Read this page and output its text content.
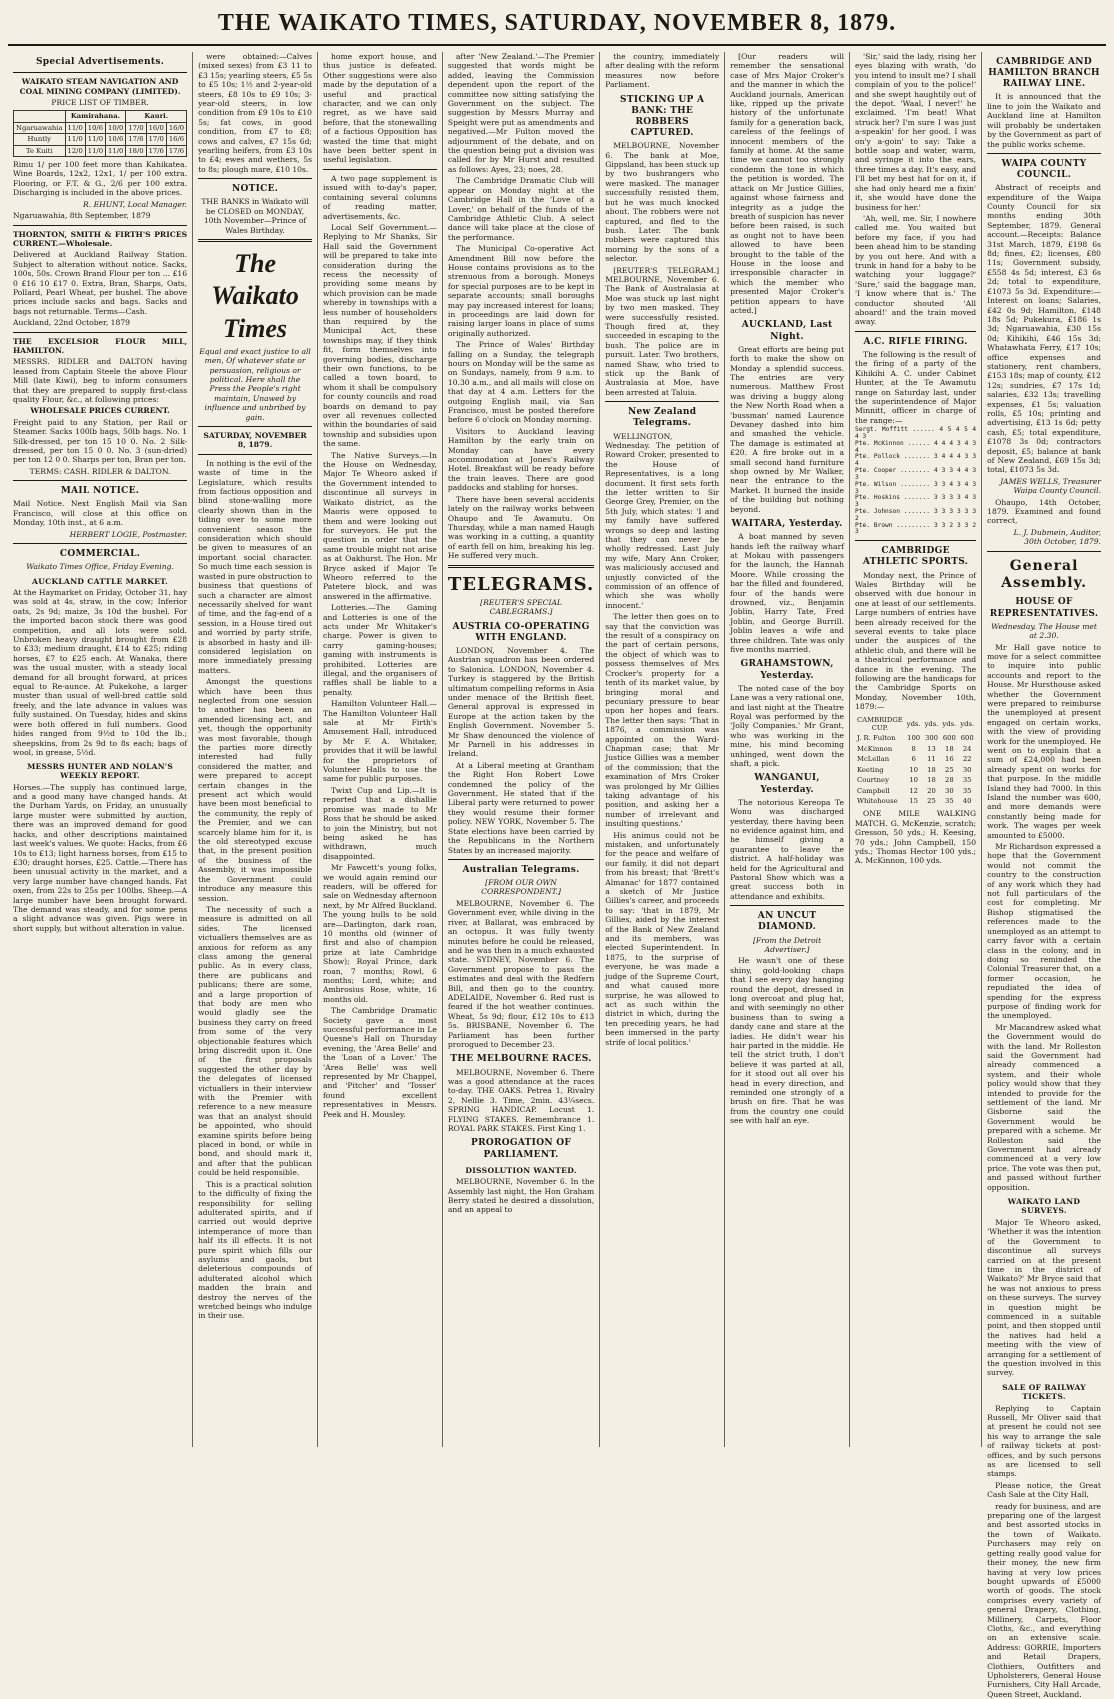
THE WAIKATO TIMES, SATURDAY, NOVEMBER 8, 1879.
Special Advertisements.

WAIKATO STEAM NAVIGATION AND COAL MINING COMPANY (LIMITED).

PRICE LIST OF TIMBER.

	Kamirahana.			Kauri.		
Ngaruawahia	11/0	10/6	10/0	17/0	16/0	16/0
Huntly	11/0	11/0	10/6	17/6	17/0	16/6
Te Kuiti	12/0	11/0	11/0	18/0	17/6	17/6

Rimu 1/ per 100 feet more than Kahikatea. Wine Boards, 12x2, 12x1, 1/ per 100 extra. Flooring, or F.T. & G., 2/6 per 100 extra. Discharging is included in the above prices.

R. EHUNT, Local Manager.

Ngaruawahia, 8th September, 1879

THORNTON, SMITH & FIRTH'S PRICES CURRENT.—Wholesale.

Delivered at Auckland Railway Station. Subject to alteration without notice. Sacks, 100s, 50s. Crown Brand Flour per ton ... £16 0 £16 10 £17 0. Extra, Bran, Sharps, Oats, Pollard, Pearl Wheat, per bushel. The above prices include sacks and bags. Sacks and bags not returnable. Terms—Cash.

Auckland, 22nd October, 1879

THE EXCELSIOR FLOUR MILL, HAMILTON.

MESSRS. RIDLER and DALTON having leased from Captain Steele the above Flour Mill (late Kiwi), beg to inform consumers that they are prepared to supply first-class quality Flour, &c., at following prices:

WHOLESALE PRICES CURRENT.

Freight paid to any Station, per Rail or Steamer. Sacks 100lb bags, 50lb bags. No. 1 Silk-dressed, per ton 15 10 0. No. 2 Silk-dressed, per ton 15 0 0. No. 3 (sun-dried) per ton 12 0 0. Sharps per ton, Bran per ton.

TERMS: CASH. RIDLER & DALTON.

MAIL NOTICE.

Mail Notice. Next English Mail via San Francisco, will close at this office on Monday, 10th inst., at 6 a.m.

HERBERT LOGIE, Postmaster.

COMMERCIAL.
Waikato Times Office, Friday Evening.
AUCKLAND CATTLE MARKET.

At the Haymarket on Friday, October 31, hay was sold at 4s, straw, in the cow; Inferior oats, 2s 9d; maize, 3s 10d the bushel. For the imported bacon stock there was good competition, and all lots were sold. Unbroken heavy draught brought from £28 to £33; medium draught, £14 to £25; riding horses, £7 to £25 each. At Wanaka, there was the usual muster, with a steady local demand for all brought forward, at prices equal to Re-aunce. At Pukekohe, a larger muster than usual of well-bred cattle sold freely, and the late advance in values was fully sustained. On Tuesday, hides and skins were both offered in full numbers. Good hides ranged from 9½d to 10d the lb.; sheepskins, from 2s 9d to 8s each; bags of wool, in grease, 5½d.

MESSRS HUNTER AND NOLAN'S WEEKLY REPORT.

Horses.—The supply has continued large, and a good many have changed hands. At the Durham Yards, on Friday, an unusually large muster were submitted by auction, there was an improved demand for good hacks, and other descriptions maintained last week's values. We quote: Hacks, from £6 10s to £13; light harness horses, from £15 to £30; draught horses, £25. Cattle.—There has been unusual activity in the market, and a very large number have changed hands. Fat oxen, from 22s to 25s per 100lbs. Sheep.—A large number have been brought forward. The demand was steady, and for some pens a slight advance was given. Pigs were in short supply, but without alteration in value.

were obtained:—Calves (mixed sexes) from £3 11 to £3 15s; yearling steers, £5 5s to £5 10s; 1½ and 2-year-old steers, £8 10s to £9 10s; 3-year-old steers, in low condition from £9 10s to £10 5s; fat cows, in good condition, from £7 to £8; cows and calves, £7 15s 6d; yearling heifers, from £3 10s to £4; ewes and wethers, 5s to 8s; plough mare, £10 10s.

NOTICE.

THE BANKS in Waikato will be CLOSED on MONDAY, 10th November—Prince of Wales Birthday.

The Waikato Times

Equal and exact justice to all men, Of whatever state or persuasion, religious or political. Here shall the Press the People's right maintain, Unawed by influence and unbribed by gain.

SATURDAY, NOVEMBER 8, 1879.

In nothing is the evil of the waste of time in the Legislature, which results from factious opposition and blind stone-walling more clearly shown than in the tiding over to some more convenient season the consideration which should be given to measures of an important social character. So much time each session is wasted in pure obstruction to business that questions of such a character are almost necessarily shelved for want of time, and the fag-end of a session, in a House tired out and worried by party strife, is absorbed in hasty and ill-considered legislation on more immediately pressing matters.

Amongst the questions which have been thus neglected from one session to another has been an amended licensing act, and yet, though the opportunity was most favorable, though the parties more directly interested had fully considered the matter, and were prepared to accept certain changes in the present act which would have been most beneficial to the community, the reply of the Premier, and we can scarcely blame him for it, is the old stereotyped excuse that, in the present position of the business of the Assembly, it was impossible the Government could introduce any measure this session.

The necessity of such a measure is admitted on all sides. The licensed victuallers themselves are as anxious for reform as any class among the general public. As in every class, there are publicans and publicans; there are some, and a large proportion of that body are men who would gladly see the business they carry on freed from some of the very objectionable features which bring discredit upon it. One of the first proposals suggested the other day by the delegates of licensed victuallers in their interview with the Premier with reference to a new measure was that an analyst should be appointed, who should examine spirits before being placed in bond, or while in bond, and should mark it, and after that the publican could be held responsible.

This is a practical solution to the difficulty of fixing the responsibility for selling adulterated spirits, and if carried out would deprive intemperance of more than half its ill effects. It is not pure spirit which fills our asylums and gaols, but deleterious compounds of adulterated alcohol which madden the brain and destroy the nerves of the wretched beings who indulge in their use.

home export house, and thus justice is defeated. Other suggestions were also made by the deputation of a useful and practical character, and we can only regret, as we have said before, that the stonewalling of a factious Opposition has wasted the time that might have been better spent in useful legislation.

A two page supplement is issued with to-day's paper, containing several columns of reading matter, advertisements, &c.

Local Self Government.—Replying to Mr Shanks, Sir Hall said the Government will be prepared to take into consideration during the recess the necessity of providing some means by which provision can be made whereby in townships with a less number of householders than required by the Municipal Act, these townships may, if they think fit, form themselves into governing bodies, discharge their own functions, to be called a town board, to whom it shall be compulsory for county councils and road boards on demand to pay over all revenues collected within the boundaries of said township and subsidies upon the same.

The Native Surveys.—In the House on Wednesday, Major Te Wheoro asked if the Government intended to discontinue all surveys in Waikato district, as the Maoris were opposed to them and were looking out for surveyors. He put the question in order that the same trouble might not arise as at Oakhurst. The Hon. Mr Bryce asked if Major Te Wheoro referred to the Patetere block, and was answered in the affirmative.

Lotteries.—The Gaming and Lotteries is one of the acts under Mr Whitaker's charge. Power is given to carry gaming-houses; gaming with instruments is prohibited. Lotteries are illegal, and the organisers of raffles shall be liable to a penalty.

Hamilton Volunteer Hall.—The Hamilton Volunteer Hall sale at Mr Firth's Amusement Hall, introduced by Mr F. A. Whitaker, provides that it will be lawful for the proprietors of Volunteer Halls to use the same for public purposes.

Twixt Cup and Lip.—It is reported that a dishallie promise was made to Mr Ross that he should be asked to join the Ministry, but not being asked he has withdrawn, much disappointed.

Mr Fawcett's young folks, we would again remind our readers, will be offered for sale on Wednesday afternoon next, by Mr Alfred Buckland. The young bulls to be sold are—Darlington, dark roan, 10 months old (winner of first and also of champion prize at late Cambridge Show); Royal Prince, dark roan, 7 months; Rowl, 6 months; Lord, white; and Ambrosius Rose, white, 16 months old.

The Cambridge Dramatic Society gave a most successful performance in Le Quesne's Hall on Thursday evening, the 'Area Belle' and the 'Loan of a Lover.' The 'Area Belle' was well represented by Mr Chappel, and 'Pitcher' and 'Tosser' found excellent representatives in Messrs. Peek and H. Mousley.

after 'New Zealand.'—The Premier suggested that words might be added, leaving the Commission dependent upon the report of the committee now sitting satisfying the Government on the subject. The suggestion by Messrs Murray and Speight were put as amendments and negatived.—Mr Fulton moved the adjournment of the debate, and on the question being put a division was called for by Mr Hurst and resulted as follows: Ayes, 23; noes, 28.

The Cambridge Dramatic Club will appear on Monday night at the Cambridge Hall in the 'Love of a Lover,' on behalf of the funds of the Cambridge Athletic Club. A select dance will take place at the close of the performance.

The Municipal Co-operative Act Amendment Bill now before the House contains provisions as to the strenuous from a borough. Moneys for special purposes are to be kept in separate accounts; small boroughs may pay increased interest for loans; in proceedings are laid down for raising larger loans in place of sums originally authorized.

The Prince of Wales' Birthday falling on a Sunday, the telegraph hours on Monday will be the same as on Sundays, namely, from 9 a.m. to 10.30 a.m., and all mails will close on that day at 4 a.m. Letters for the outgoing English mail, via San Francisco, must be posted therefore before 6 o'clock on Monday morning.

Visitors to Auckland leaving Hamilton by the early train on Monday can have every accommodation at Jones's Railway Hotel. Breakfast will be ready before the train leaves. There are good paddocks and stabling for horses.

There have been several accidents lately on the railway works between Ohaupo and Te Awamutu. On Thursday, while a man named Haugh was working in a cutting, a quantity of earth fell on him, breaking his leg. He suffered very much.

TELEGRAMS.
[REUTER'S SPECIAL CABLEGRAMS.]
AUSTRIA CO-OPERATING WITH ENGLAND.

LONDON, November 4. The Austrian squadron has been ordered to Salonica. LONDON, November 4. Turkey is staggered by the British ultimatum compelling reforms in Asia under menace of the British fleet. General approval is expressed in Europe at the action taken by the English Government. November 5. Mr Shaw denounced the violence of Mr Parnell in his addresses in Ireland.

At a Liberal meeting at Grantham the Right Hon Robert Lowe condemned the policy of the Government. He stated that if the Liberal party were returned to power they would resume their former policy. NEW YORK, November 5. The State elections have been carried by the Republicans in the Northern States by an increased majority.

Australian Telegrams.
[FROM OUR OWN CORRESPONDENT.]

MELBOURNE, November 6. The Government ever, while diving in the river, at Ballarat, was embraced by an octopus. It was fully twenty minutes before he could be released, and he was then in a much exhausted state. SYDNEY, November 6. The Government propose to pass the estimates and deal with the Redfern Bill, and then go to the country. ADELAIDE, November 6. Red rust is feared if the hot weather continues. Wheat, 5s 9d; flour, £12 10s to £13 5s. BRISBANE, November 6. The Parliament has been further prorogued to December 23.

THE MELBOURNE RACES.

MELBOURNE, November 6. There was a good attendance at the races to-day. THE OAKS. Petrea 1, Rivalry 2, Nellie 3. Time, 2min. 43¼secs. SPRING HANDICAP. Locust 1. FLYING STAKES. Remembrance 1. ROYAL PARK STAKES. First King 1.

PROROGATION OF PARLIAMENT.
DISSOLUTION WANTED.

MELBOURNE, November 6. In the Assembly last night, the Hon Graham Berry stated he desired a dissolution, and an appeal to

the country, immediately after dealing with the reform measures now before Parliament.

STICKING UP A BANK: THE ROBBERS CAPTURED.

MELBOURNE, November 6. The bank at Moe, Gippsland, has been stuck up by two bushrangers who were masked. The manager successfully resisted them, but he was much knocked about. The robbers were not captured, and fled to the bush. Later. The bank robbers were captured this morning by the sons of a selector.

[REUTER'S TELEGRAM.] MELBOURNE, November 6. The Bank of Australasia at Moe was stuck up last night by two men masked. They were successfully resisted. Though fired at, they succeeded in escaping to the bush. The police are in pursuit. Later. Two brothers, named Shaw, who tried to stick up the Bank of Australasia at Moe, have been arrested at Taluia.

New Zealand Telegrams.

WELLINGTON, Wednesday. The petition of Roward Croker, presented to the House of Representatives, is a long document. It first sets forth the letter written to Sir George Grey, Premier, on the 5th July, which states: 'I and my family have suffered wrongs so deep and lasting that they can never be wholly redressed. Last July my wife, Mary Ann Croker, was maliciously accused and unjustly convicted of the commission of an offence of which she was wholly innocent.'

The letter then goes on to say that the conviction was the result of a conspiracy on the part of certain persons, the object of which was to possess themselves of Mrs Crocker's property for a tenth of its market value, by bringing moral and pecuniary pressure to bear upon her hopes and fears. The letter then says: 'That in 1876, a commission was appointed on the Ward-Chapman case; that Mr Justice Gillies was a member of the commission; that the examination of Mrs Croker was prolonged by Mr Gillies taking advantage of his position, and asking her a number of irrelevant and insulting questions.'

His animus could not be mistaken, and unfortunately for the peace and welfare of our family, it did not depart from his breast; that 'Brett's Almanac' for 1877 contained a sketch of Mr Justice Gillies's career, and proceeds to say: 'that in 1879, Mr Gillies, aided by the interest of the Bank of New Zealand and its members, was elected Superintendent. In 1875, to the surprise of everyone, he was made a judge of the Supreme Court, and what caused more surprise, he was allowed to act as such within the district in which, during the ten preceding years, he had been immersed in the party strife of local politics.'

[Our readers will remember the sensational case of Mrs Major Croker's and the manner in which the Auckland journals, American like, ripped up the private history of the unfortunate family for a generation back, careless of the feelings of innocent members of the family at home. At the same time we cannot too strongly condemn the tone in which the petition is worded. The attack on Mr Justice Gillies, against whose fairness and integrity as a judge the breath of suspicion has never before been raised, is such as ought not to have been allowed to have been brought to the table of the House in the loose and irresponsible character in which the member who presented Major Croker's petition appears to have acted.]

AUCKLAND, Last Night.

Great efforts are being put forth to make the show on Monday a splendid success. The entries are very numerous. Matthew Frost was driving a buggy along the New North Road when a 'bussman' named Laurence Devaney dashed into him and smashed the vehicle. The damage is estimated at £20. A fire broke out in a small second hand furniture shop owned by Mr Walker, near the entrance to the Market. It burned the inside of the building but nothing beyond.

WAITARA, Yesterday.

A boat manned by seven hands left the railway wharf at Mokau with passengers for the launch, the Hannah Moore. While crossing the bar the filled and foundered, four of the hands were drowned, viz., Benjamin Joblin, Harry Tate, Fred Joblin, and George Burrill. Joblin leaves a wife and three children. Tate was only five months married.

GRAHAMSTOWN, Yesterday.

The noted case of the boy Lane was a very rational one, and last night at the Theatre Royal was performed by the 'Jolly Companies.' Mr Grant, who was working in the mine, his mind becoming unhinged, went down the shaft, a pick.

WANGANUI, Yesterday.

The notorious Kereopa Te Wonu was discharged yesterday, there having been no evidence against him, and he himself giving a guarantee to leave the district. A half-holiday was held for the Agricultural and Pastoral Show which was a great success both in attendance and exhibits.

AN UNCUT DIAMOND.
[From the Detroit Advertiser.]

He wasn't one of these shiny, gold-looking chaps that I see every day hanging round the depot, dressed in long overcoat and plug hat, and with seemingly no other business than to swing a dandy cane and stare at the ladies. He didn't wear his hair parted in the middle. He tell the strict truth, I don't believe it was parted at all, for it stood out all over his head in every direction, and reminded one strongly of a brush on fire. That he was from the country one could see with half an eye.

'Sir,' said the lady, rising her eyes blazing with wrath, 'do you intend to insult me? I shall complain of you to the police!' and she swept haughtily out of the depot. 'Waal, I never!' he exclaimed. 'I'm beat! What struck her? I'm sure I was just a-speakin' for her good. I was on'y a-goin' to say: Take a bottle soap and water, warm, and syringe it into the ears, three times a day. It's easy, and I'll bet my best hat for on it, if she had only heard me a fixin' it, she would have done the business for her.'

'Ah, well, me. Sir, I nowhere called me. You waited but before my face, if you had been ahead him to be standing by you out here. And with a trunk in hand for a baby to be watching your luggage?' 'Sure,' said the baggage man, 'I know where that is.' The conductor shouted 'All aboard!' and the train moved away.

A.C. RIFLE FIRING.

The following is the result of the firing of a party of the Kihikihi A. C. under Cabinet Hunter, at the Te Awamutu range on Saturday last, under the superintendence of Major Minnitt, officer in charge of the range:—

Sergt. Moffitt ...... 4 5 4 5 4 4 3
Pte. McKinnon ...... 4 4 4 3 4 3 4
Pte. Pollock ....... 3 4 4 4 3 3 4
Pte. Cooper ........ 4 3 3 4 4 3 3
Pte. Wilson ........ 3 3 4 3 4 3 3
Pte. Hoskins ....... 3 3 3 3 4 3 3
Pte. Johnson ....... 3 3 3 3 3 3 2
Pte. Brown ......... 3 3 2 3 3 2 3
CAMBRIDGE ATHLETIC SPORTS.

Monday next, the Prince of Wales Birthday will be observed with due honour in one at least of our settlements. Large numbers of entries have been already received for the several events to take place under the auspices of the athletic club, and there will be a theatrical performance and dance in the evening. The following are the handicaps for the Cambridge Sports on Monday, November 10th, 1879:—

CAMBRIDGE CUP.	yds.	yds.	yds.	yds.
J. R. Fulton	100	300	600	600
McKinnon	8	13	18	24
McLellan	6	11	16	22
Keeting	10	18	25	30
Courtney	10	18	28	35
Campbell	12	20	30	35
Whitehouse	15	25	35	40

ONE MILE WALKING MATCH. G. McKenzie, scratch; Gresson, 50 yds.; H. Keesing, 70 yds.; John Campbell, 150 yds.; Thomas Hector 100 yds.; A. McKinnon, 100 yds.

CAMBRIDGE AND HAMILTON BRANCH RAILWAY LINE.

It is announced that the line to join the Waikato and Auckland line at Hamilton will probably be undertaken by the Government as part of the public works scheme.

WAIPA COUNTY COUNCIL.

Abstract of receipts and expenditure of the Waipa County Council for six months ending 30th September, 1879. General account.—Receipts: Balance 31st March, 1879, £198 6s 8d; fines, £2; licenses, £80 11s; Government subsidy, £558 4s 5d; interest, £3 6s 2d; total to expenditure, £1073 5s 3d. Expenditure:—Interest on loans; Salaries, £42 0s 9d; Hamilton, £148 18s 5d; Pukekura, £186 1s 3d; Ngaruawahia, £30 15s 0d; Kihikihi, £46 15s 3d; Whatawhata Ferry, £17 10s; office expenses and stationery, rent chambers, £153 18s; map of county, £12 12s; sundries, £7 17s 1d; salaries, £32 13s; travelling expenses, £1 5s; valuation rolls, £5 10s; printing and advertising, £13 1s 6d; petty cash, £5; total expenditure, £1078 3s 0d; contractors deposit, £5; balance at bank of New Zealand, £69 15s 3d; total, £1073 5s 3d.

JAMES WELLS, Treasurer Waipa County Council.

Ohaupo, 14th October, 1879. Examined and found correct,

L. J. Dubmein, Auditor, 30th October, 1879.

General Assembly.
HOUSE OF REPRESENTATIVES.
Wednesday. The House met at 2.30.

Mr Hall gave notice to move for a select committee to inquire into public accounts and report to the House. Mr Hursthouse asked whether the Government were prepared to reimburse the unemployed at present engaged on certain works, with the view of providing work for the unemployed. He went on to explain that a sum of £24,000 had been already spent on works for that purpose. In the middle Island they had 7000. In this Island the number was 600, and more demands were constantly being made for work. The wages per week amounted to £5000.

Mr Richardson expressed a hope that the Government would not commit the country to the construction of any work which they had not full particulars of the cost for completing. Mr Bishop stigmatised the references made to the unemployed as an attempt to carry favor with a certain class in the colony, and in doing so reminded the Colonial Treasurer that, on a former occasion, he repudiated the idea of spending for the express purpose of finding work for the unemployed.

Mr Macandrew asked what the Government would do with the land. Mr Rolleston said the Government had already commenced a system, and their whole policy would show that they intended to provide for the settlement of the land. Mr Gisborne said the Government would be prepared with a scheme. Mr Rolleston said the Government had already commenced at a very low price. The vote was then put, and passed without further opposition.

WAIKATO LAND SURVEYS.

Major Te Wheoro asked, 'Whether it was the intention of the Government to discontinue all surveys carried on at the present time in the district of Waikato?' Mr Bryce said that he was not anxious to press on these surveys. The survey in question might be commenced in a suitable point, and then stopped until the natives had held a meeting with the view of arranging for a settlement of the question involved in this survey.

SALE OF RAILWAY TICKETS.

Replying to Captain Russell, Mr Oliver said that at present he could not see his way to arrange the sale of railway tickets at post-offices, and by such persons as are licensed to sell stamps.

Please notice, the Great Cash Sale at the City Hall,

ready for business, and are preparing one of the largest and best assorted stocks in the town of Waikato. Purchasers may rely on getting really good value for their money, the new firm having at very low prices bought upwards of £5000 worth of goods. The stock comprises every variety of general Drapery, Clothing, Millinery, Carpets, Floor Cloths, &c., and everything on an extensive scale. Address: GORRIE, Importers and Retail Drapers, Clothiers, Outfitters and Upholsterers, General House Furnishers, City Hall Arcade, Queen Street, Auckland.
